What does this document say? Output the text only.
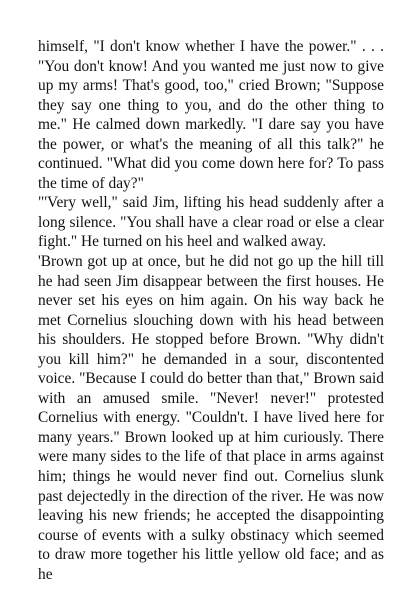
himself, "I don't know whether I have the power." . . . "You don't know! And you wanted me just now to give up my arms! That's good, too," cried Brown; "Suppose they say one thing to you, and do the other thing to me." He calmed down markedly. "I dare say you have the power, or what's the meaning of all this talk?" he continued. "What did you come down here for? To pass the time of day?"

"'Very well," said Jim, lifting his head suddenly after a long silence. "You shall have a clear road or else a clear fight." He turned on his heel and walked away.

'Brown got up at once, but he did not go up the hill till he had seen Jim disappear between the first houses. He never set his eyes on him again. On his way back he met Cornelius slouching down with his head between his shoulders. He stopped before Brown. "Why didn't you kill him?" he demanded in a sour, discontented voice. "Because I could do better than that," Brown said with an amused smile. "Never! never!" protested Cornelius with energy. "Couldn't. I have lived here for many years." Brown looked up at him curiously. There were many sides to the life of that place in arms against him; things he would never find out. Cornelius slunk past dejectedly in the direction of the river. He was now leaving his new friends; he accepted the disappointing course of events with a sulky obstinacy which seemed to draw more together his little yellow old face; and as he
